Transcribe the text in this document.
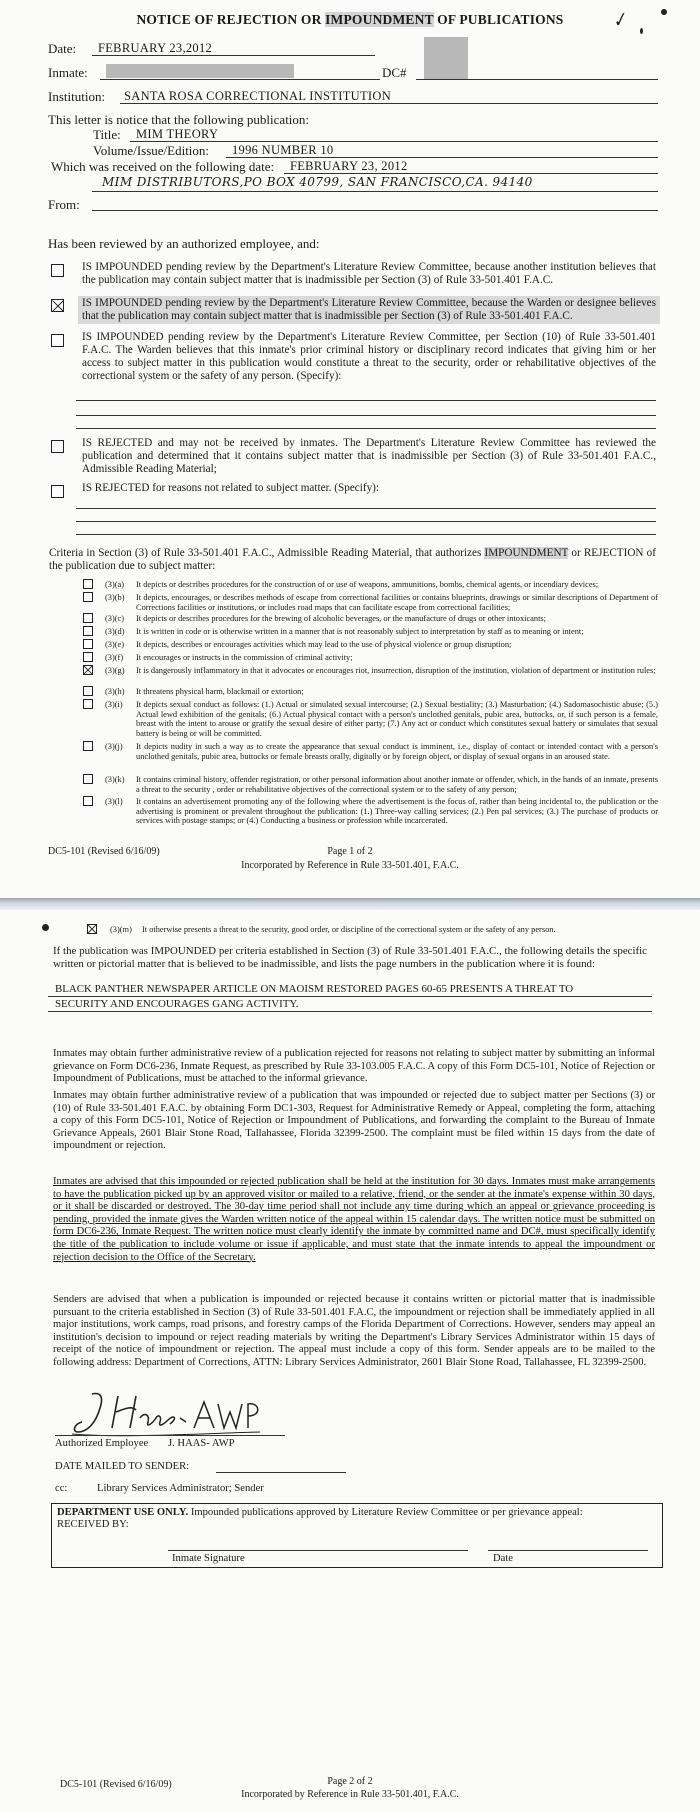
NOTICE OF REJECTION OR IMPOUNDMENT OF PUBLICATIONS	✓
Date: FEBRUARY 23,2012
Inmate:	DC#
Institution: SANTA ROSA CORRECTIONAL INSTITUTION
This letter is notice that the following publication:
Title: MIM THEORY
Volume/Issue/Edition: 1996 NUMBER 10
Which was received on the following date: FEBRUARY 23, 2012
MIM DISTRIBUTORS,PO BOX 40799, SAN FRANCISCO,CA. 94140
From:
Has been reviewed by an authorized employee, and:
IS IMPOUNDED pending review by the Department's Literature Review Committee, because another institution believes that the publication may contain subject matter that is inadmissible per Section (3) of Rule 33-501.401 F.A.C.
IS IMPOUNDED pending review by the Department's Literature Review Committee, because the Warden or designee believes that the publication may contain subject matter that is inadmissible per Section (3) of Rule 33-501.401 F.A.C.
IS IMPOUNDED pending review by the Department's Literature Review Committee, per Section (10) of Rule 33-501.401 F.A.C. The Warden believes that this inmate's prior criminal history or disciplinary record indicates that giving him or her access to subject matter in this publication would constitute a threat to the security, order or rehabilitative objectives of the correctional system or the safety of any person. (Specify):
IS REJECTED and may not be received by inmates. The Department's Literature Review Committee has reviewed the publication and determined that it contains subject matter that is inadmissible per Section (3) of Rule 33-501.401 F.A.C., Admissible Reading Material;
IS REJECTED for reasons not related to subject matter. (Specify):
Criteria in Section (3) of Rule 33-501.401 F.A.C., Admissible Reading Material, that authorizes IMPOUNDMENT or REJECTION of the publication due to subject matter:
(3)(a) It depicts or describes procedures for the construction of or use of weapons, ammunitions, bombs, chemical agents, or incendiary devices;
(3)(b) It depicts, encourages, or describes methods of escape from correctional facilities or contains blueprints, drawings or similar descriptions of Department of Corrections facilities or institutions, or includes road maps that can facilitate escape from correctional facilities;
(3)(c) It depicts or describes procedures for the brewing of alcoholic beverages, or the manufacture of drugs or other intoxicants;
(3)(d) It is written in code or is otherwise written in a manner that is not reasonably subject to interpretation by staff as to meaning or intent;
(3)(e) It depicts, describes or encourages activities which may lead to the use of physical violence or group disruption;
(3)(f) It encourages or instructs in the commission of criminal activity;
(3)(g) It is dangerously inflammatory in that it advocates or encourages riot, insurrection, disruption of the institution, violation of department or institution rules;
(3)(h) It threatens physical harm, blackmail or extortion;
(3)(i) It depicts sexual conduct as follows: (1.) Actual or simulated sexual intercourse; (2.) Sexual bestiality; (3.) Masturbation; (4.) Sadomasochistic abuse; (5.) Actual lewd exhibition of the genitals; (6.) Actual physical contact with a person's unclothed genitals, pubic area, buttocks, or, if such person is a female, breast with the intent to arouse or gratify the sexual desire of either party; (7.) Any act or conduct which constitutes sexual battery or simulates that sexual battery is being or will be committed.
(3)(j) It depicts nudity in such a way as to create the appearance that sexual conduct is imminent, i.e., display of contact or intended contact with a person's unclothed genitals, pubic area, buttocks or female breasts orally, digitally or by foreign object, or display of sexual organs in an aroused state.
(3)(k) It contains criminal history, offender registration, or other personal information about another inmate or offender, which, in the hands of an inmate, presents a threat to the security , order or rehabilitative objectives of the correctional system or to the safety of any person;
(3)(l) It contains an advertisement promoting any of the following where the advertisement is the focus of, rather than being incidental to, the publication or the advertising is prominent or prevalent throughout the publication: (1.) Three-way calling services; (2.) Pen pal services; (3.) The purchase of products or services with postage stamps; or (4.) Conducting a business or profession while incarcerated.
DC5-101 (Revised 6/16/09)	Page 1 of 2
Incorporated by Reference in Rule 33-501.401, F.A.C.
(3)(m) It otherwise presents a threat to the security, good order, or discipline of the correctional system or the safety of any person.
If the publication was IMPOUNDED per criteria established in Section (3) of Rule 33-501.401 F.A.C., the following details the specific written or pictorial matter that is believed to be inadmissible, and lists the page numbers in the publication where it is found:
BLACK PANTHER NEWSPAPER ARTICLE ON MAOISM RESTORED PAGES 60-65 PRESENTS A THREAT TO
SECURITY AND ENCOURAGES GANG ACTIVITY.
Inmates may obtain further administrative review of a publication rejected for reasons not relating to subject matter by submitting an informal grievance on Form DC6-236, Inmate Request, as prescribed by Rule 33-103.005 F.A.C. A copy of this Form DC5-101, Notice of Rejection or Impoundment of Publications, must be attached to the informal grievance.
Inmates may obtain further administrative review of a publication that was impounded or rejected due to subject matter per Sections (3) or (10) of Rule 33-501.401 F.A.C. by obtaining Form DC1-303, Request for Administrative Remedy or Appeal, completing the form, attaching a copy of this Form DC5-101, Notice of Rejection or Impoundment of Publications, and forwarding the complaint to the Bureau of Inmate Grievance Appeals, 2601 Blair Stone Road, Tallahassee, Florida 32399-2500. The complaint must be filed within 15 days from the date of impoundment or rejection.
Inmates are advised that this impounded or rejected publication shall be held at the institution for 30 days. Inmates must make arrangements to have the publication picked up by an approved visitor or mailed to a relative, friend, or the sender at the inmate's expense within 30 days, or it shall be discarded or destroyed. The 30-day time period shall not include any time during which an appeal or grievance proceeding is pending, provided the inmate gives the Warden written notice of the appeal within 15 calendar days. The written notice must be submitted on form DC6-236, Inmate Request. The written notice must clearly identify the inmate by committed name and DC#, must specifically identify the title of the publication to include volume or issue if applicable, and must state that the inmate intends to appeal the impoundment or rejection decision to the Office of the Secretary.
Senders are advised that when a publication is impounded or rejected because it contains written or pictorial matter that is inadmissible pursuant to the criteria established in Section (3) of Rule 33-501.401 F.A.C, the impoundment or rejection shall be immediately applied in all major institutions, work camps, road prisons, and forestry camps of the Florida Department of Corrections. However, senders may appeal an institution's decision to impound or reject reading materials by writing the Department's Library Services Administrator within 15 days of receipt of the notice of impoundment or rejection. The appeal must include a copy of this form. Sender appeals are to be mailed to the following address: Department of Corrections, ATTN: Library Services Administrator, 2601 Blair Stone Road, Tallahassee, FL 32399-2500.
Authorized Employee J. HAAS- AWP
DATE MAILED TO SENDER:
cc:	Library Services Administrator; Sender
DEPARTMENT USE ONLY. Impounded publications approved by Literature Review Committee or per grievance appeal:
RECEIVED BY:
Inmate Signature	Date
DC5-101 (Revised 6/16/09)	Page 2 of 2
Incorporated by Reference in Rule 33-501.401, F.A.C.
